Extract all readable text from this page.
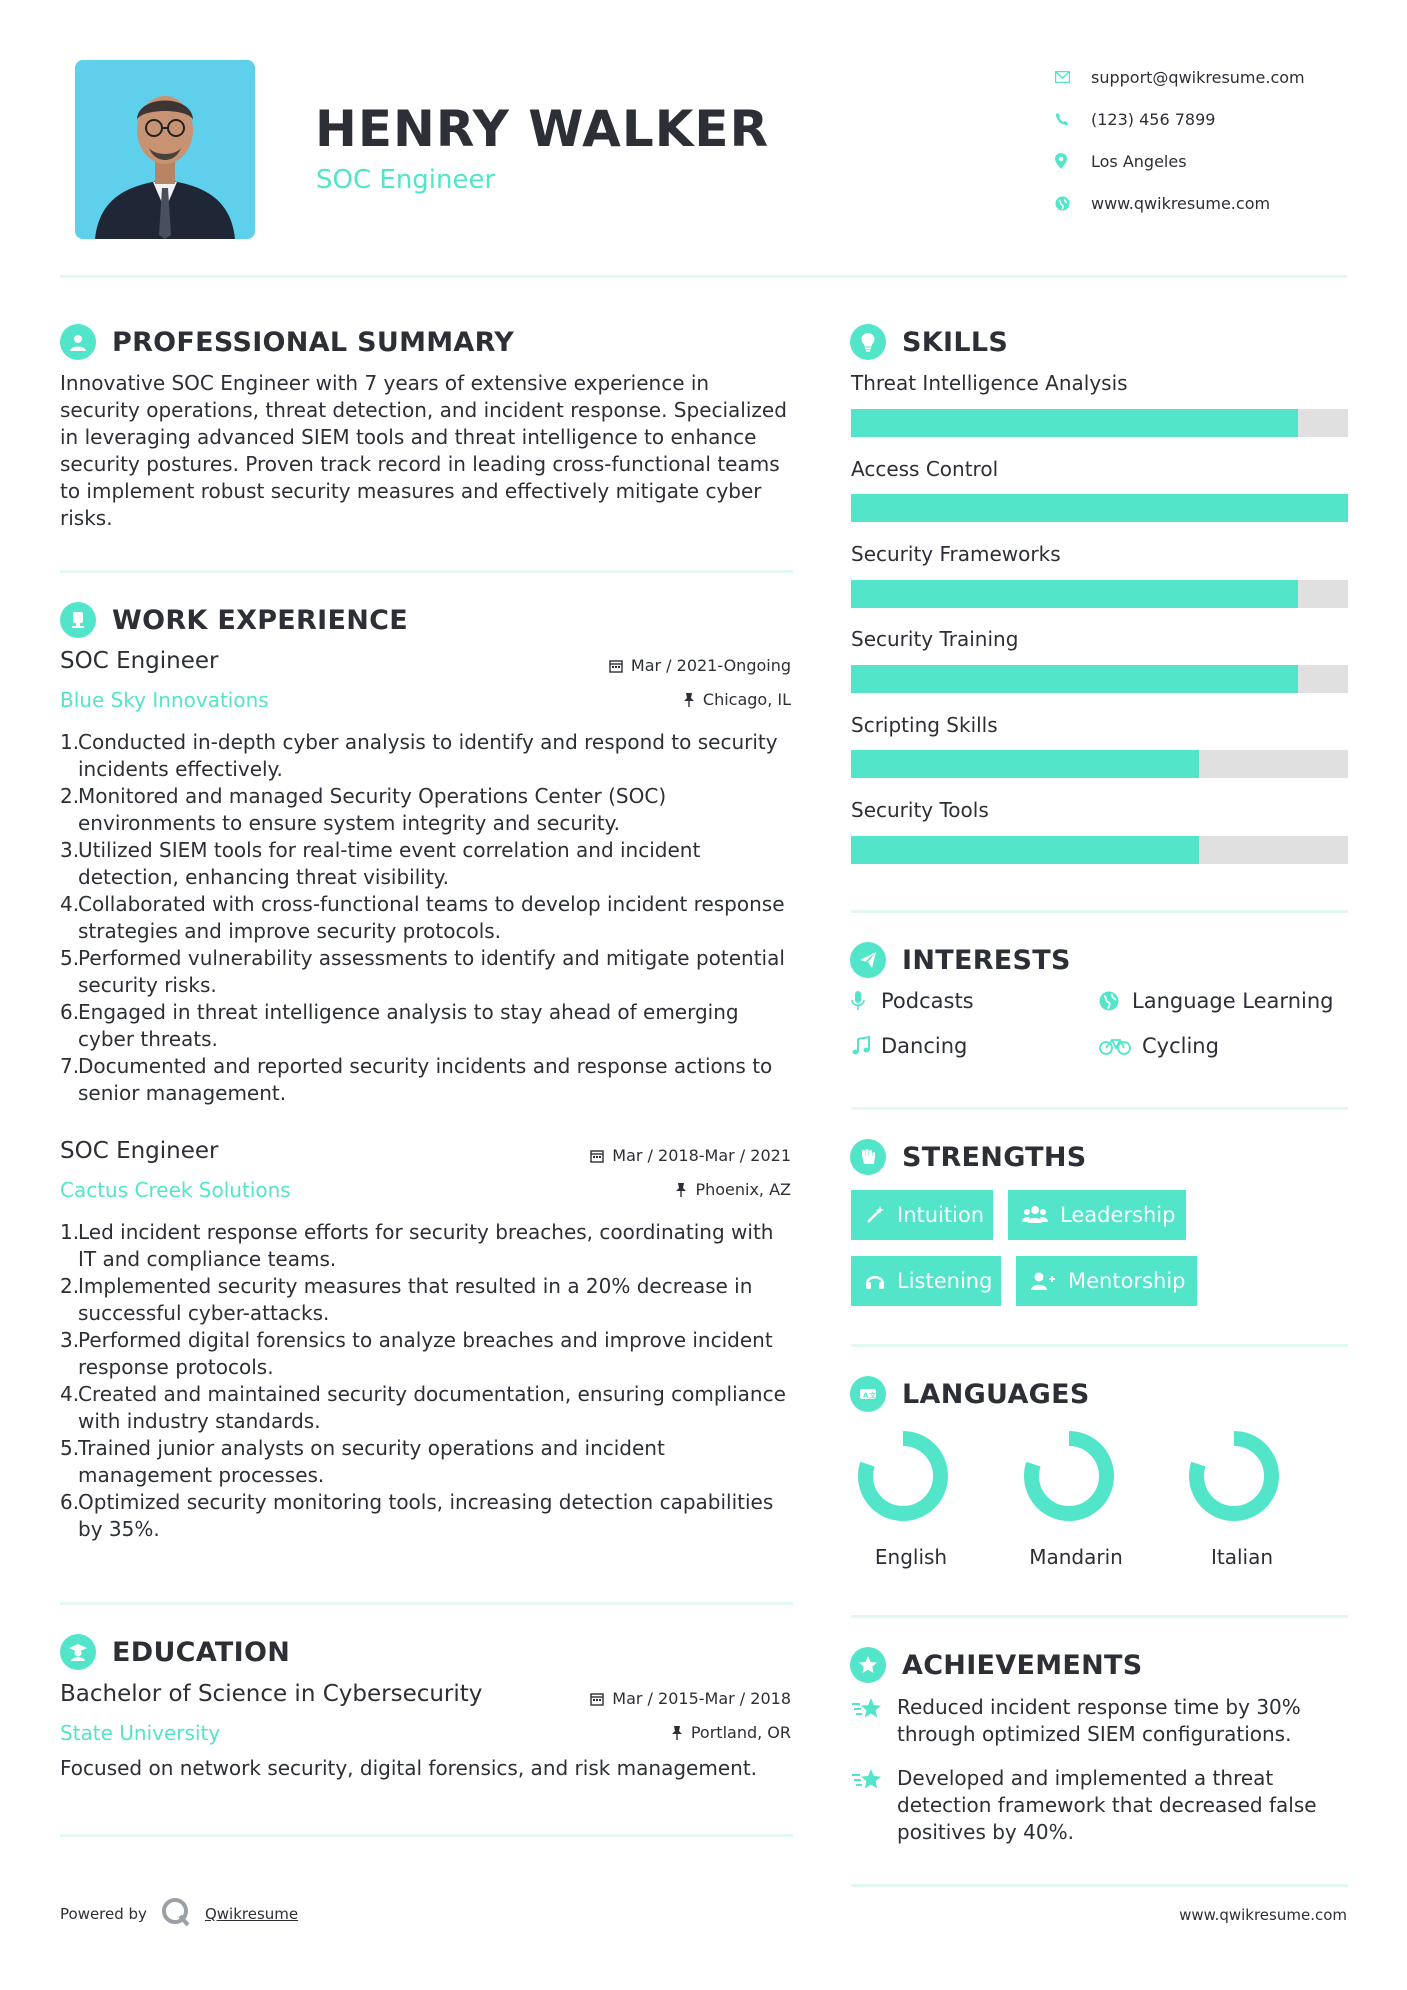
HENRY WALKER
SOC Engineer
support@qwikresume.com
(123) 456 7899
Los Angeles
www.qwikresume.com
PROFESSIONAL SUMMARY
Innovative SOC Engineer with 7 years of extensive experience in security operations, threat detection, and incident response. Specialized in leveraging advanced SIEM tools and threat intelligence to enhance security postures. Proven track record in leading cross-functional teams to implement robust security measures and effectively mitigate cyber risks.
WORK EXPERIENCE
SOC Engineer
Blue Sky Innovations
Mar / 2021-Ongoing
Chicago, IL
1.
Conducted in-depth cyber analysis to identify and respond to security incidents effectively.
2.
Monitored and managed Security Operations Center (SOC) environments to ensure system integrity and security.
3.
Utilized SIEM tools for real-time event correlation and incident detection, enhancing threat visibility.
4.
Collaborated with cross-functional teams to develop incident response strategies and improve security protocols.
5.
Performed vulnerability assessments to identify and mitigate potential security risks.
6.
Engaged in threat intelligence analysis to stay ahead of emerging cyber threats.
7.
Documented and reported security incidents and response actions to senior management.
SOC Engineer
Cactus Creek Solutions
Mar / 2018-Mar / 2021
Phoenix, AZ
1.
Led incident response efforts for security breaches, coordinating with IT and compliance teams.
2.
Implemented security measures that resulted in a 20% decrease in successful cyber-attacks.
3.
Performed digital forensics to analyze breaches and improve incident response protocols.
4.
Created and maintained security documentation, ensuring compliance with industry standards.
5.
Trained junior analysts on security operations and incident management processes.
6.
Optimized security monitoring tools, increasing detection capabilities by 35%.
EDUCATION
Bachelor of Science in Cybersecurity
State University
Mar / 2015-Mar / 2018
Portland, OR
Focused on network security, digital forensics, and risk management.
SKILLS
Threat Intelligence Analysis
Access Control
Security Frameworks
Security Training
Scripting Skills
Security Tools
INTERESTS
Podcasts	Language Learning
Dancing	Cycling
STRENGTHS
Intuition	Leadership
Listening	Mentorship
A 文 LANGUAGES
English	Mandarin	Italian
ACHIEVEMENTS
Reduced incident response time by 30% through optimized SIEM configurations.
Developed and implemented a threat detection framework that decreased false positives by 40%.
Powered by	Qwikresume	www.qwikresume.com
